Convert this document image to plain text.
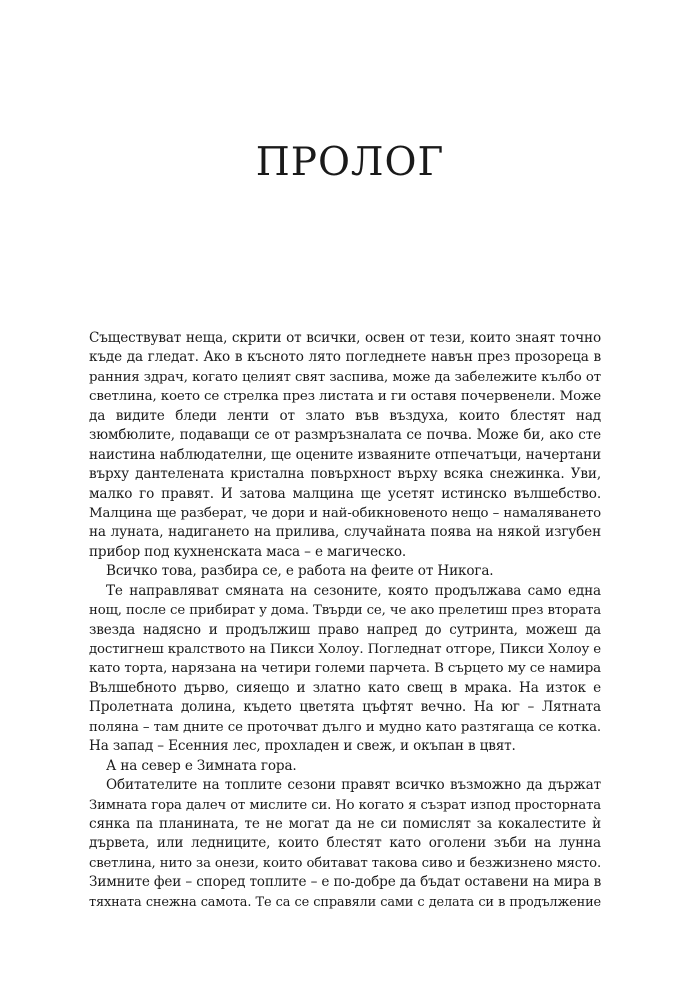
ПРОЛОГ
Съществуват неща, скрити от всички, освен от тези, които знаят точно
къде да гледат. Ако в късното лято погледнете навън през прозореца в
ранния здрач, когато целият свят заспива, може да забележите кълбо от
светлина, което се стрелка през листата и ги оставя почервенели. Може
да видите бледи ленти от злато във въздуха, които блестят над
зюмбюлите, подаващи се от размръзналата се почва. Може би, ако сте
наистина наблюдателни, ще оцените изваяните отпечатъци, начертани
върху дантелената кристална повърхност върху всяка снежинка. Уви,
малко го правят. И затова малцина ще усетят истинско вълшебство.
Малцина ще разберат, че дори и най-обикновеното нещо – намаляването
на луната, надигането на прилива, случайната поява на някой изгубен
прибор под кухненската маса – е магическо.
Всичко това, разбира се, е работа на феите от Никога.
Те направляват смяната на сезоните, която продължава само една
нощ, после се прибират у дома. Твърди се, че ако прелетиш през втората
звезда надясно и продължиш право напред до сутринта, можеш да
достигнеш кралството на Пикси Холоу. Погледнат отгоре, Пикси Холоу е
като торта, нарязана на четири големи парчета. В сърцето му се намира
Вълшебното дърво, сияещо и златно като свещ в мрака. На изток е
Пролетната долина, където цветята цъфтят вечно. На юг – Лятната
поляна – там дните се проточват дълго и мудно като разтягаща се котка.
На запад – Есенния лес, прохладен и свеж, и окъпан в цвят.
А на север е Зимната гора.
Обитателите на топлите сезони правят всичко възможно да държат
Зимната гора далеч от мислите си. Но когато я съзрат изпод просторната
сянка па планината, те не могат да не си помислят за кокалестите ѝ
дървета, или ледниците, които блестят като оголени зъби на лунна
светлина, нито за онези, които обитават такова сиво и безжизнено място.
Зимните феи – според топлите – е по-добре да бъдат оставени на мира в
тяхната снежна самота. Те са се справяли сами с делата си в продължение
